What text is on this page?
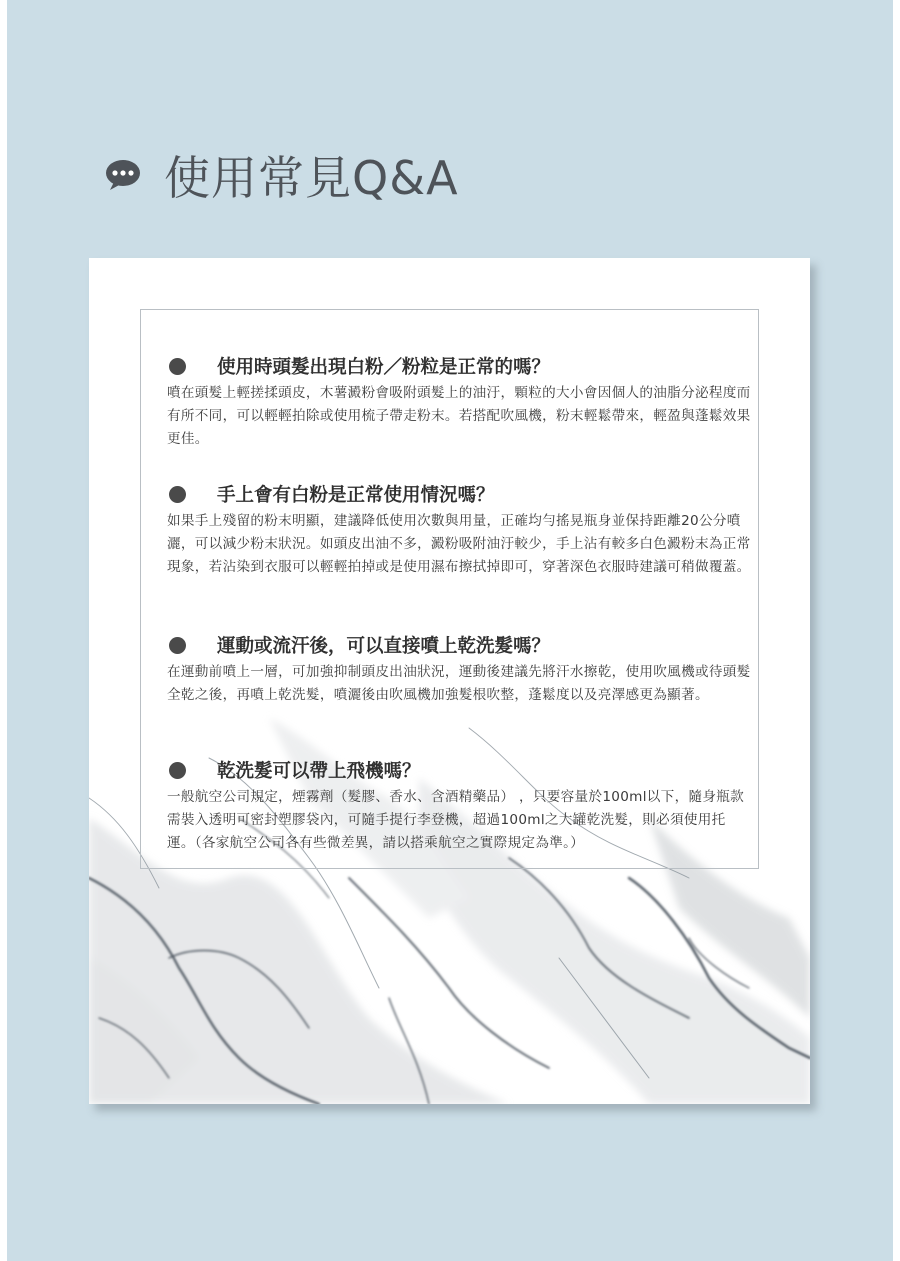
使用常見Q&A
使用時頭髮出現白粉／粉粒是正常的嗎？
噴在頭髮上輕搓揉頭皮，木薯澱粉會吸附頭髮上的油汙，顆粒的大小會因個人的油脂分泌程度而有所不同，可以輕輕拍除或使用梳子帶走粉末。若搭配吹風機，粉末輕鬆帶來，輕盈與蓬鬆效果更佳。
手上會有白粉是正常使用情況嗎？
如果手上殘留的粉末明顯，建議降低使用次數與用量，正確均勻搖晃瓶身並保持距離20公分噴灑，可以減少粉末狀況。如頭皮出油不多，澱粉吸附油汙較少，手上沾有較多白色澱粉末為正常現象，若沾染到衣服可以輕輕拍掉或是使用濕布擦拭掉即可，穿著深色衣服時建議可稍做覆蓋。
運動或流汗後，可以直接噴上乾洗髮嗎？
在運動前噴上一層，可加強抑制頭皮出油狀況，運動後建議先將汗水擦乾，使用吹風機或待頭髮全乾之後，再噴上乾洗髮，噴灑後由吹風機加強髮根吹整，蓬鬆度以及亮澤感更為顯著。
乾洗髮可以帶上飛機嗎？
一般航空公司規定，煙霧劑（髮膠、香水、含酒精藥品） ，只要容量於100ml以下，隨身瓶款需裝入透明可密封塑膠袋內，可隨手提行李登機，超過100ml之大罐乾洗髮，則必須使用托運。（各家航空公司各有些微差異，請以搭乘航空之實際規定為準。）
